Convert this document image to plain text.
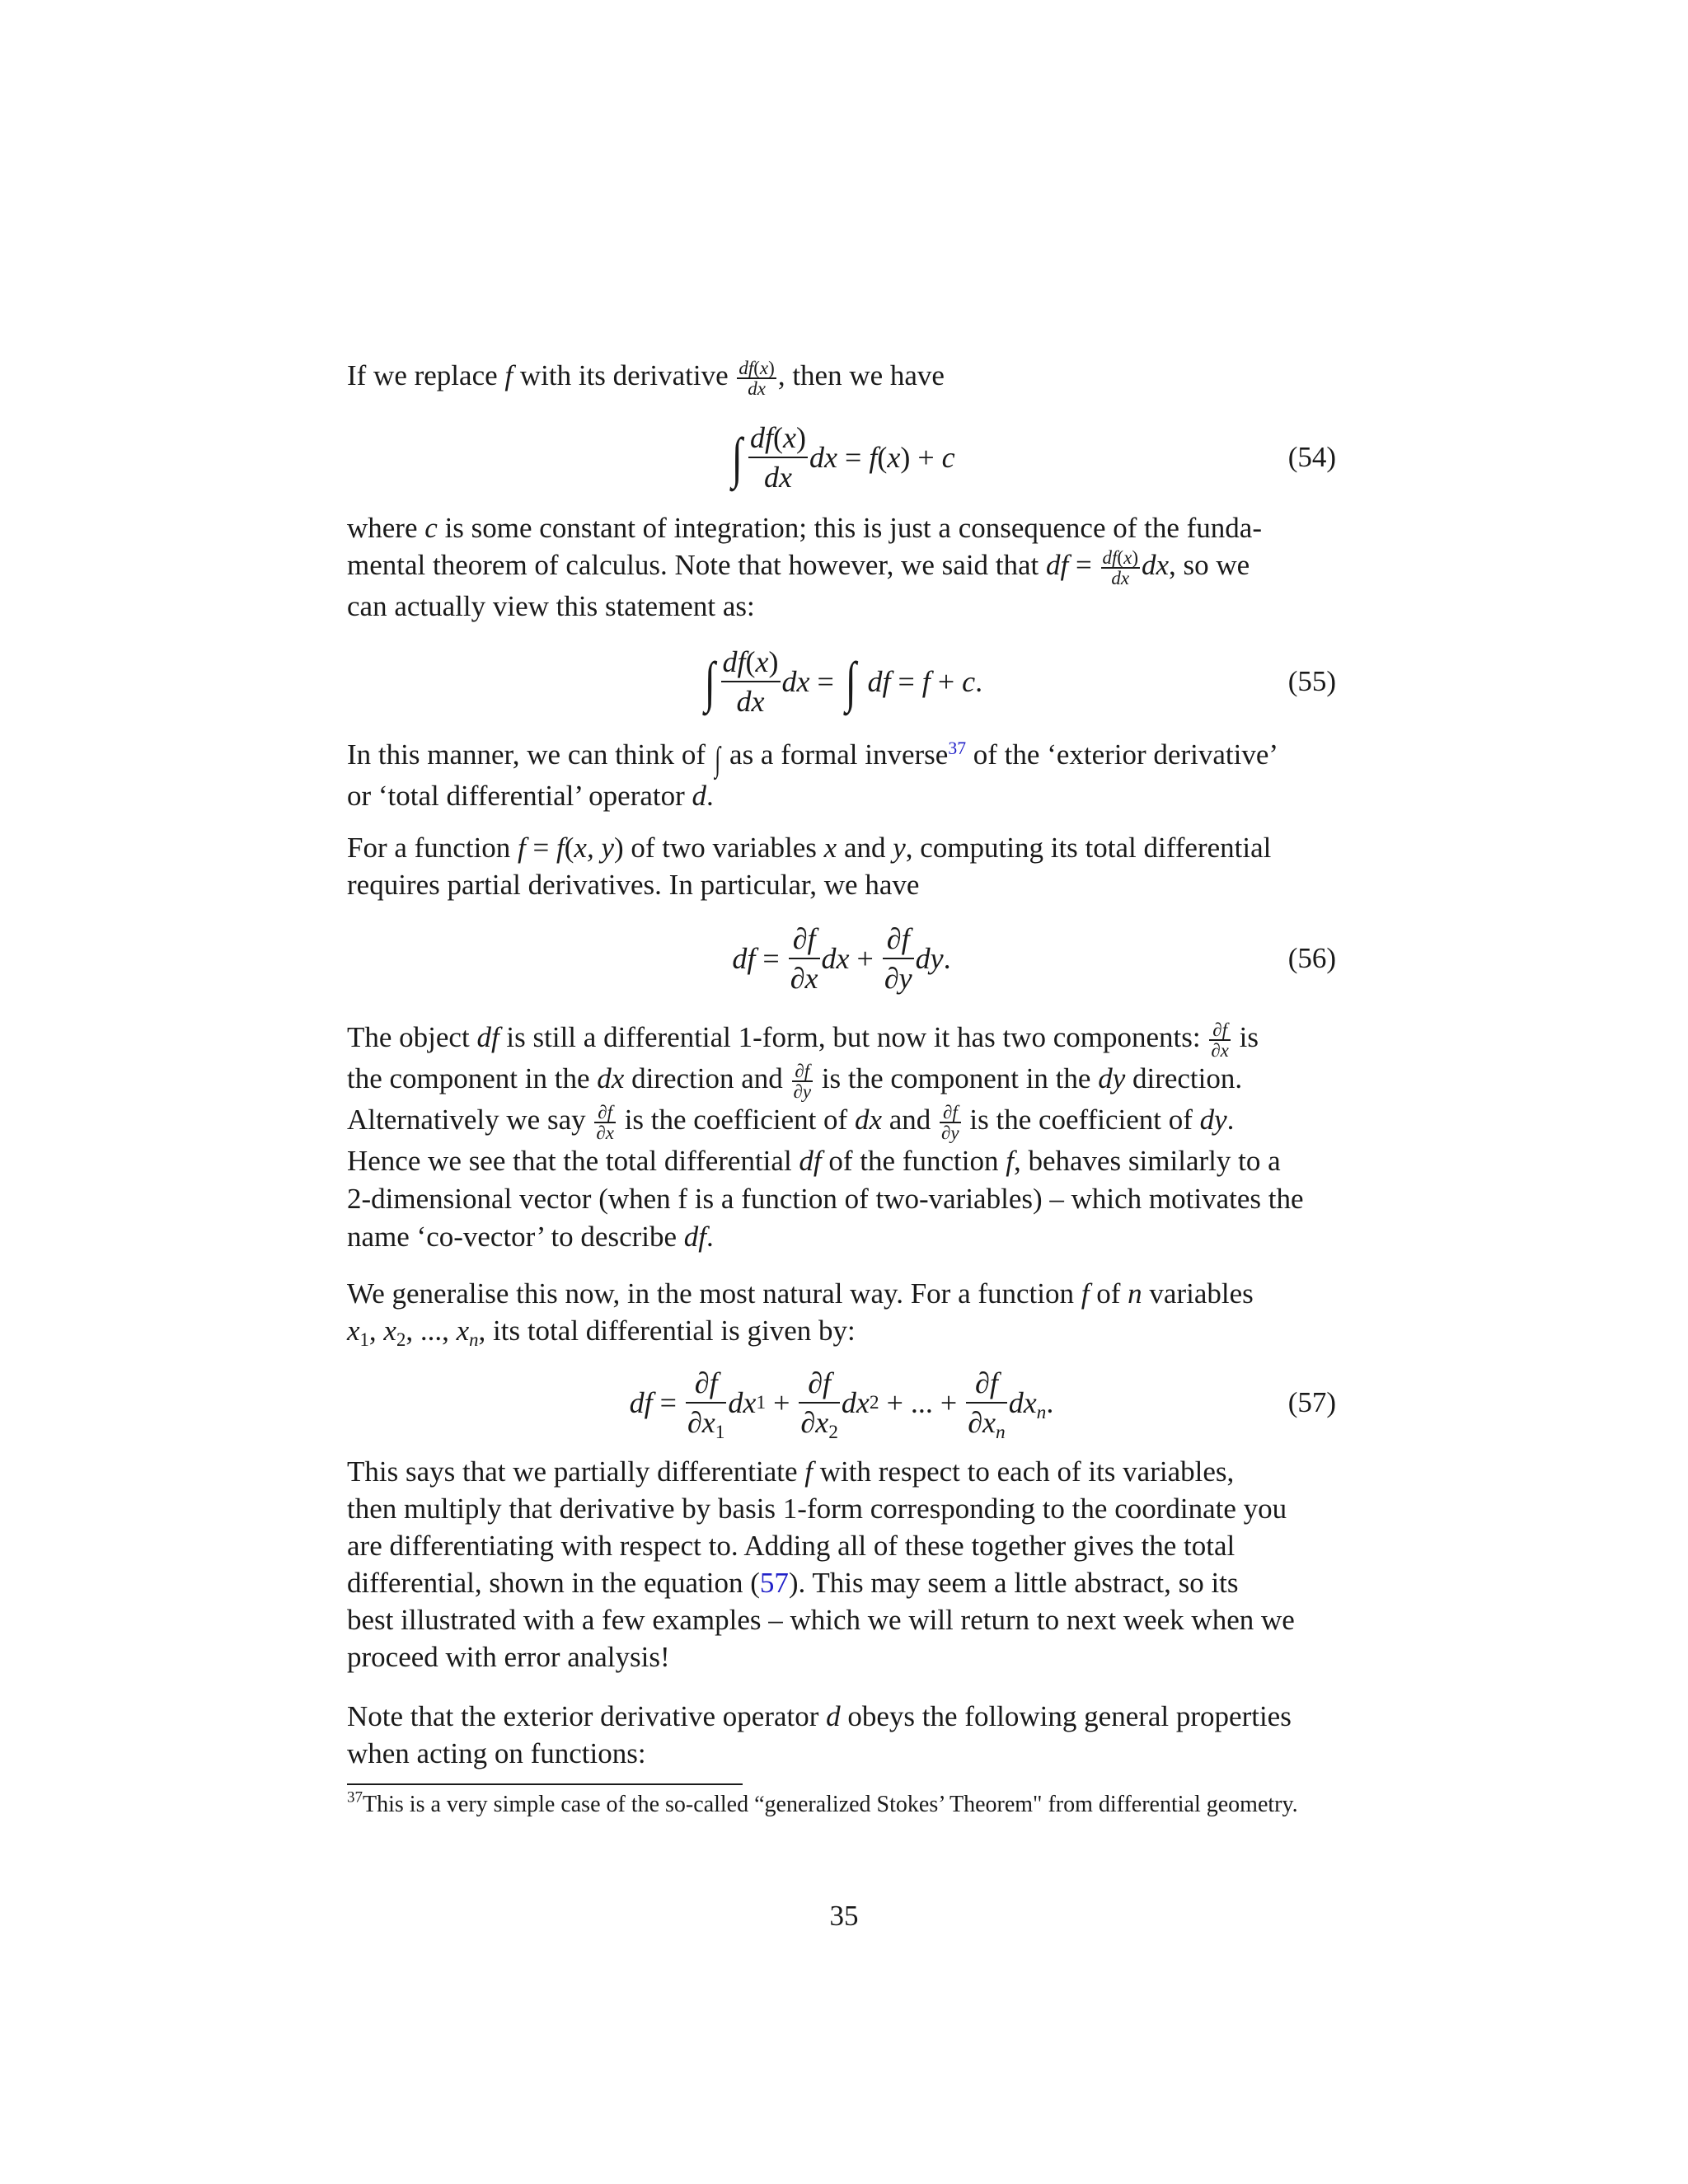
If we replace f with its derivative $\frac{df(x)}{dx}$ , then we have

∫ $\frac{df(x)}{dx}$ dx
=
f(x)
+
c	(54)

where c is some constant of integration; this is just a consequence of the funda-
mental theorem of calculus. Note that however, we said that df = $\frac{df(x)}{dx}$ dx, so we
can actually view this statement as:

∫ $\frac{df(x)}{dx}$ dx
=
∫
df
=
f
+
c .	(55)

In this manner, we can think of ∫ as a formal inverse$^{37}$ of the ‘exterior derivative’
or ‘total differential’ operator d.

For a function f = f(x, y) of two variables x and y, computing its total differential
requires partial derivatives. In particular, we have

df
=
$\frac{\partial f}{\partial x}$ dx
+
$\frac{\partial f}{\partial y}$ dy .	(56)

The object df is still a differential 1-form, but now it has two components: $\frac{\partial f}{\partial x}$ is
the component in the dx direction and $\frac{\partial f}{\partial y}$ is the component in the dy direction.
Alternatively we say $\frac{\partial f}{\partial x}$ is the coefficient of dx and $\frac{\partial f}{\partial y}$ is the coefficient of dy.
Hence we see that the total differential df of the function f, behaves similarly to a
2-dimensional vector (when f is a function of two-variables) – which motivates the
name ‘co-vector’ to describe df.

We generalise this now, in the most natural way. For a function f of n variables
$x_1$, $x_2$, ..., $x_n$, its total differential is given by:

df
=
$\frac{\partial f}{\partial x_1}$ dx 1
+
$\frac{\partial f}{\partial x_2}$ dx 2
+ ... +
$\frac{\partial f}{\partial x_n} dx_n$ .	(57)

This says that we partially differentiate f with respect to each of its variables,
then multiply that derivative by basis 1-form corresponding to the coordinate you
are differentiating with respect to. Adding all of these together gives the total
differential, shown in the equation (57). This may seem a little abstract, so its
best illustrated with a few examples – which we will return to next week when we
proceed with error analysis!

Note that the exterior derivative operator d obeys the following general properties
when acting on functions:

$^{37}$This is a very simple case of the so-called “generalized Stokes’ Theorem" from differential geometry.
35
